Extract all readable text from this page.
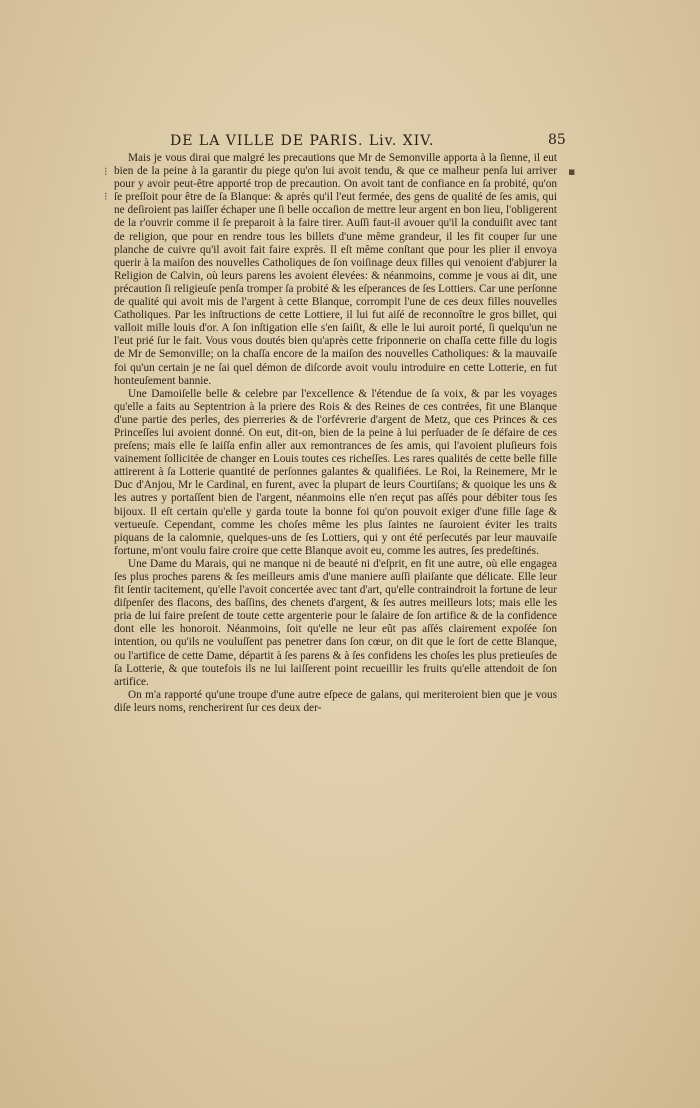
DE LA VILLE DE PARIS. Liv. XIV.	85
⁝
⁝
▪

Mais je vous dirai que malgré les precautions que Mr de Semonville apporta à la ſienne, il eut bien de la peine à la garantir du piege qu'on lui avoit tendu, & que ce malheur penſa lui arriver pour y avoir peut-être apporté trop de precaution. On avoit tant de confiance en ſa probité, qu'on ſe preſſoit pour être de ſa Blanque: & après qu'il l'eut fermée, des gens de qualité de ſes amis, qui ne deſiroient pas laiſſer échaper une ſi belle occaſion de mettre leur argent en bon lieu, l'obligerent de la r'ouvrir comme il ſe preparoit à la faire tirer. Auſſi faut-il avouer qu'il la conduiſit avec tant de religion, que pour en rendre tous les billets d'une même grandeur, il les fit couper ſur une planche de cuivre qu'il avoit fait faire exprès. Il eſt même conſtant que pour les plier il envoya querir à la maiſon des nouvelles Catholiques de ſon voiſinage deux filles qui venoient d'abjurer la Religion de Calvin, où leurs parens les avoient élevées: & néanmoins, comme je vous ai dit, une précaution ſi religieuſe penſa tromper ſa probité & les eſperances de ſes Lottiers. Car une perſonne de qualité qui avoit mis de l'argent à cette Blanque, corrompit l'une de ces deux filles nouvelles Catholiques. Par les inſtructions de cette Lottiere, il lui fut aiſé de reconnoître le gros billet, qui valloit mille louis d'or. A ſon inſtigation elle s'en ſaiſit, & elle le lui auroit porté, ſi quelqu'un ne l'eut prié ſur le fait. Vous vous doutés bien qu'après cette friponnerie on chaſſa cette fille du logis de Mr de Semonville; on la chaſſa encore de la maiſon des nouvelles Catholiques: & la mauvaiſe foi qu'un certain je ne ſai quel démon de diſcorde avoit voulu introduire en cette Lotterie, en fut honteuſement bannie.

Une Damoiſelle belle & celebre par l'excellence & l'étendue de ſa voix, & par les voyages qu'elle a faits au Septentrion à la priere des Rois & des Reines de ces contrées, fit une Blanque d'une partie des perles, des pierreries & de l'orfévrerie d'argent de Metz, que ces Princes & ces Princeſſes lui avoient donné. On eut, dit-on, bien de la peine à lui perſuader de ſe défaire de ces preſens; mais elle ſe laiſſa enfin aller aux remontrances de ſes amis, qui l'avoient pluſieurs fois vainement ſollicitée de changer en Louis toutes ces richeſſes. Les rares qualités de cette belle fille attirerent à ſa Lotterie quantité de perſonnes galantes & qualifiées. Le Roi, la Reinemere, Mr le Duc d'Anjou, Mr le Cardinal, en furent, avec la plupart de leurs Courtiſans; & quoique les uns & les autres y portaſſent bien de l'argent, néanmoins elle n'en reçut pas aſſés pour débiter tous ſes bijoux. Il eſt certain qu'elle y garda toute la bonne foi qu'on pouvoit exiger d'une fille ſage & vertueuſe. Cependant, comme les choſes même les plus ſaintes ne ſauroient éviter les traits piquans de la calomnie, quelques-uns de ſes Lottiers, qui y ont été perſecutés par leur mauvaiſe fortune, m'ont voulu faire croire que cette Blanque avoit eu, comme les autres, ſes predeſtinés.

Une Dame du Marais, qui ne manque ni de beauté ni d'eſprit, en fit une autre, où elle engagea ſes plus proches parens & ſes meilleurs amis d'une maniere auſſi plaiſante que délicate. Elle leur fit ſentir tacitement, qu'elle l'avoit concertée avec tant d'art, qu'elle contraindroit la fortune de leur diſpenſer des flacons, des baſſins, des chenets d'argent, & ſes autres meilleurs lots; mais elle les pria de lui faire preſent de toute cette argenterie pour le ſalaire de ſon artifice & de la confidence dont elle les honoroit. Néanmoins, ſoit qu'elle ne leur eût pas aſſés clairement expoſée ſon intention, ou qu'ils ne vouluſſent pas penetrer dans ſon cœur, on dit que le ſort de cette Blanque, ou l'artifice de cette Dame, départit à ſes parens & à ſes confidens les choſes les plus pretieuſes de ſa Lotterie, & que toutefois ils ne lui laiſſerent point recueillir les fruits qu'elle attendoit de ſon artifice.

On m'a rapporté qu'une troupe d'une autre eſpece de galans, qui meriteroient bien que je vous diſe leurs noms, rencherirent ſur ces deux der-
